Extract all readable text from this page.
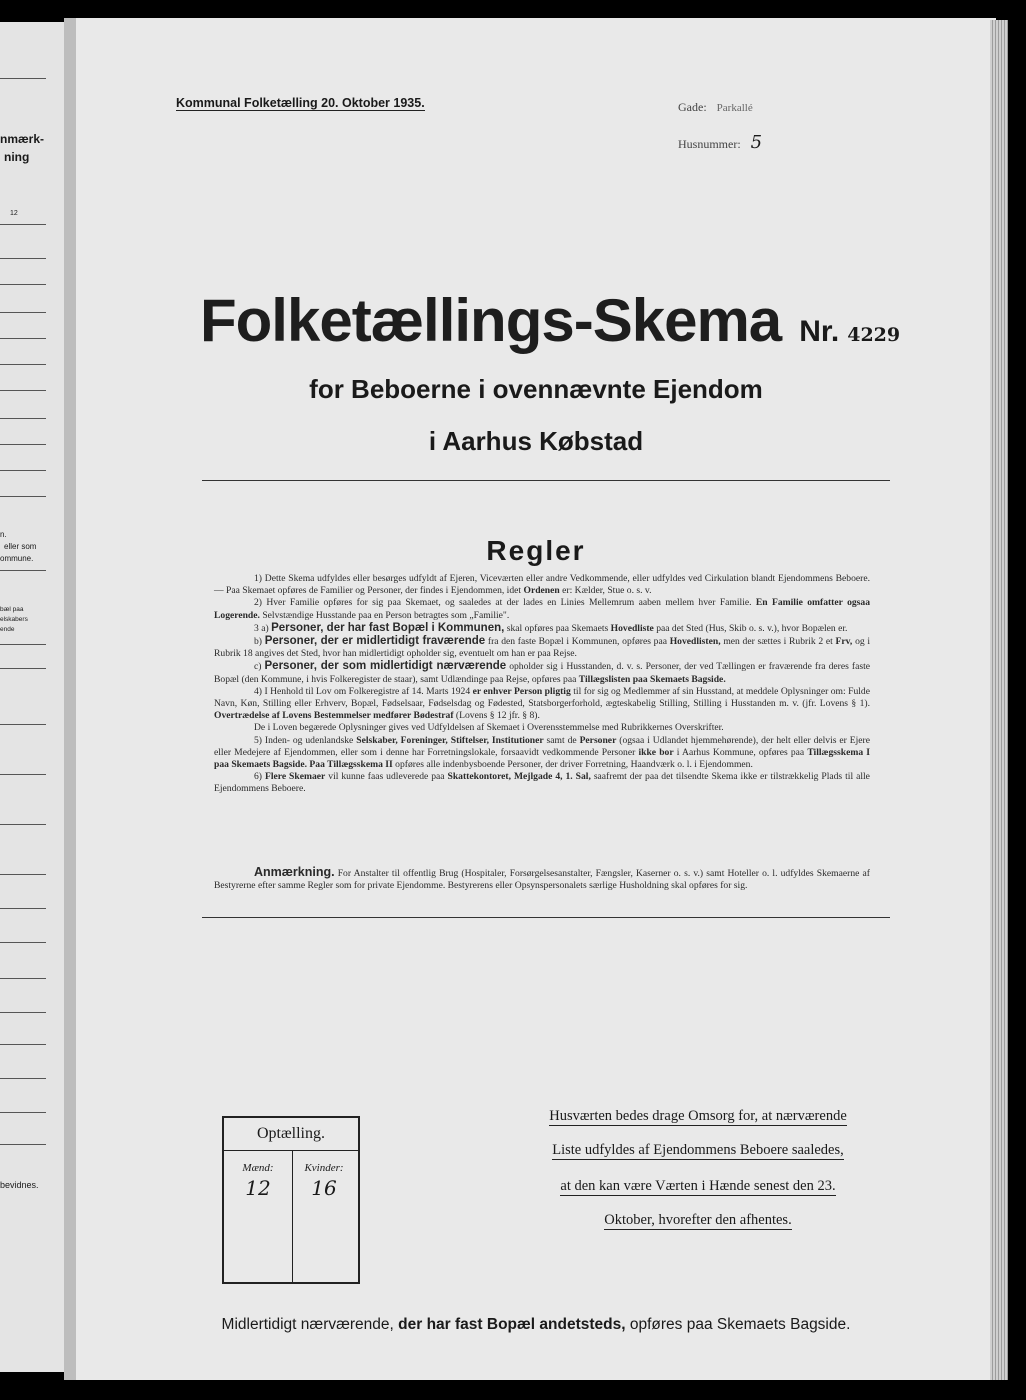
nmærk-
ning
12
n.
eller som
ommune.
bæl paa
elskabers
ende
bevidnes.
Kommunal Folketælling 20. Oktober 1935.	Gade: Parkallé
Husnummer: 5
Folketællings-Skema Nr. 4229
for Beboerne i ovennævnte Ejendom
i Aarhus Købstad
Regler

1) Dette Skema udfyldes eller besørges udfyldt af Ejeren, Viceværten eller andre Vedkommende, eller udfyldes ved Cirkulation blandt Ejendommens Beboere. — Paa Skemaet opføres de Familier og Personer, der findes i Ejendommen, idet Ordenen er: Kælder, Stue o. s. v.

2) Hver Familie opføres for sig paa Skemaet, og saaledes at der lades en Linies Mellemrum aaben mellem hver Familie. En Familie omfatter ogsaa Logerende. Selvstændige Husstande paa en Person betragtes som „Familie".

3 a) Personer, der har fast Bopæl i Kommunen, skal opføres paa Skemaets Hovedliste paa det Sted (Hus, Skib o. s. v.), hvor Bopælen er.

b) Personer, der er midlertidigt fraværende fra den faste Bopæl i Kommunen, opføres paa Hovedlisten, men der sættes i Rubrik 2 et Frv, og i Rubrik 18 angives det Sted, hvor han midlertidigt opholder sig, eventuelt om han er paa Rejse.

c) Personer, der som midlertidigt nærværende opholder sig i Husstanden, d. v. s. Personer, der ved Tællingen er fraværende fra deres faste Bopæl (den Kommune, i hvis Folkeregister de staar), samt Udlændinge paa Rejse, opføres paa Tillægslisten paa Skemaets Bagside.

4) I Henhold til Lov om Folkeregistre af 14. Marts 1924 er enhver Person pligtig til for sig og Medlemmer af sin Husstand, at meddele Oplysninger om: Fulde Navn, Køn, Stilling eller Erhverv, Bopæl, Fødselsaar, Fødselsdag og Fødested, Statsborgerforhold, ægteskabelig Stilling, Stilling i Husstanden m. v. (jfr. Lovens § 1). Overtrædelse af Lovens Bestemmelser medfører Bødestraf (Lovens § 12 jfr. § 8).

De i Loven begærede Oplysninger gives ved Udfyldelsen af Skemaet i Overensstemmelse med Rubrikkernes Overskrifter.

5) Inden- og udenlandske Selskaber, Foreninger, Stiftelser, Institutioner samt de Personer (ogsaa i Udlandet hjemmehørende), der helt eller delvis er Ejere eller Medejere af Ejendommen, eller som i denne har Forretningslokale, forsaavidt vedkommende Personer ikke bor i Aarhus Kommune, opføres paa Tillægsskema I paa Skemaets Bagside. Paa Tillægsskema II opføres alle indenbysboende Personer, der driver Forretning, Haandværk o. l. i Ejendommen.

6) Flere Skemaer vil kunne faas udleverede paa Skattekontoret, Mejlgade 4, 1. Sal, saafremt der paa det tilsendte Skema ikke er tilstrækkelig Plads til alle Ejendommens Beboere.

Anmærkning. For Anstalter til offentlig Brug (Hospitaler, Forsørgelsesanstalter, Fængsler, Kaserner o. s. v.) samt Hoteller o. l. udfyldes Skemaerne af Bestyrerne efter samme Regler som for private Ejendomme. Bestyrerens eller Opsynspersonalets særlige Husholdning skal opføres for sig.
Optælling.
Mænd:
12
Kvinder:
16
Husværten bedes drage Omsorg for, at nærværende
Liste udfyldes af Ejendommens Beboere saaledes,
at den kan være Værten i Hænde senest den 23.
Oktober, hvorefter den afhentes.
Midlertidigt nærværende, der har fast Bopæl andetsteds, opføres paa Skemaets Bagside.
